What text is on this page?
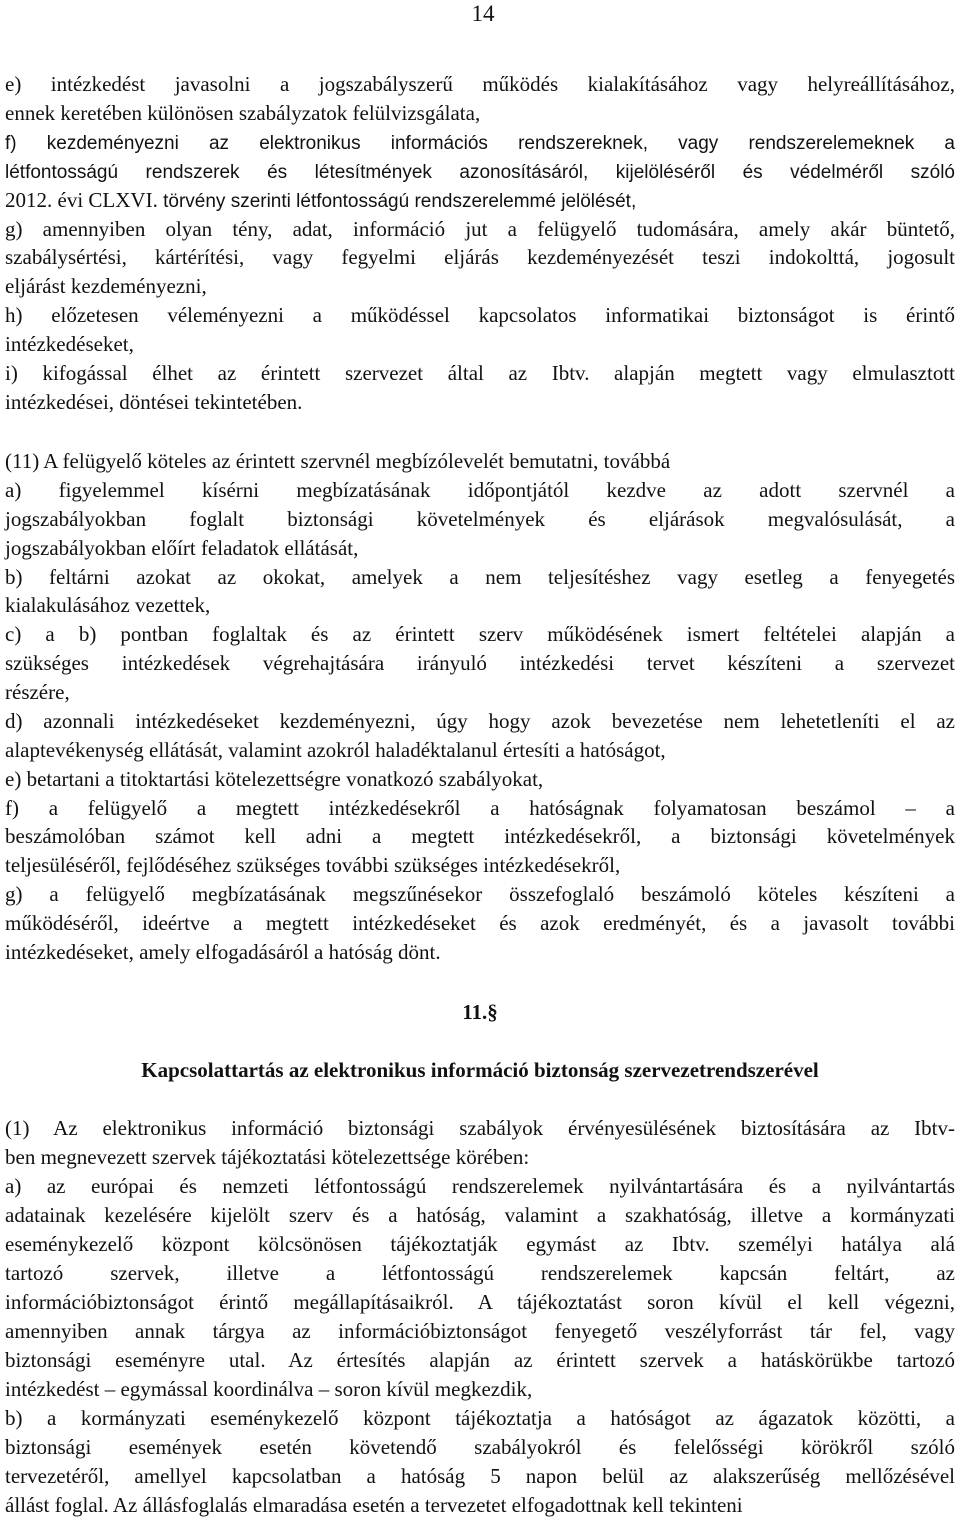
14
e) intézkedést javasolni a jogszabályszerű működés kialakításához vagy helyreállításához,
ennek keretében különösen szabályzatok felülvizsgálata,
f) kezdeményezni az elektronikus információs rendszereknek, vagy rendszerelemeknek a
létfontosságú rendszerek és létesítmények azonosításáról, kijelöléséről és védelméről szóló
2012. évi CLXVI. törvény szerinti létfontosságú rendszerelemmé jelölését,
g) amennyiben olyan tény, adat, információ jut a felügyelő tudomására, amely akár büntető,
szabálysértési, kártérítési, vagy fegyelmi eljárás kezdeményezését teszi indokolttá, jogosult
eljárást kezdeményezni,
h) előzetesen véleményezni a működéssel kapcsolatos informatikai biztonságot is érintő
intézkedéseket,
i) kifogással élhet az érintett szervezet által az Ibtv. alapján megtett vagy elmulasztott
intézkedései, döntései tekintetében.
(11) A felügyelő köteles az érintett szervnél megbízólevelét bemutatni, továbbá
a) figyelemmel kísérni megbízatásának időpontjától kezdve az adott szervnél a
jogszabályokban foglalt biztonsági követelmények és eljárások megvalósulását, a
jogszabályokban előírt feladatok ellátását,
b) feltárni azokat az okokat, amelyek a nem teljesítéshez vagy esetleg a fenyegetés
kialakulásához vezettek,
c) a b) pontban foglaltak és az érintett szerv működésének ismert feltételei alapján a
szükséges intézkedések végrehajtására irányuló intézkedési tervet készíteni a szervezet
részére,
d) azonnali intézkedéseket kezdeményezni, úgy hogy azok bevezetése nem lehetetleníti el az
alaptevékenység ellátását, valamint azokról haladéktalanul értesíti a hatóságot,
e) betartani a titoktartási kötelezettségre vonatkozó szabályokat,
f) a felügyelő a megtett intézkedésekről a hatóságnak folyamatosan beszámol – a
beszámolóban számot kell adni a megtett intézkedésekről, a biztonsági követelmények
teljesüléséről, fejlődéséhez szükséges további szükséges intézkedésekről,
g) a felügyelő megbízatásának megszűnésekor összefoglaló beszámoló köteles készíteni a
működéséről, ideértve a megtett intézkedéseket és azok eredményét, és a javasolt további
intézkedéseket, amely elfogadásáról a hatóság dönt.
11.§
Kapcsolattartás az elektronikus információ biztonság szervezetrendszerével
(1) Az elektronikus információ biztonsági szabályok érvényesülésének biztosítására az Ibtv-
ben megnevezett szervek tájékoztatási kötelezettsége körében:
a) az európai és nemzeti létfontosságú rendszerelemek nyilvántartására és a nyilvántartás
adatainak kezelésére kijelölt szerv és a hatóság, valamint a szakhatóság, illetve a kormányzati
eseménykezelő központ kölcsönösen tájékoztatják egymást az Ibtv. személyi hatálya alá
tartozó szervek, illetve a létfontosságú rendszerelemek kapcsán feltárt, az
információbiztonságot érintő megállapításaikról. A tájékoztatást soron kívül el kell végezni,
amennyiben annak tárgya az információbiztonságot fenyegető veszélyforrást tár fel, vagy
biztonsági eseményre utal. Az értesítés alapján az érintett szervek a hatáskörükbe tartozó
intézkedést – egymással koordinálva – soron kívül megkezdik,
b) a kormányzati eseménykezelő központ tájékoztatja a hatóságot az ágazatok közötti, a
biztonsági események esetén követendő szabályokról és felelősségi körökről szóló
tervezetéről, amellyel kapcsolatban a hatóság 5 napon belül az alakszerűség mellőzésével
állást foglal. Az állásfoglalás elmaradása esetén a tervezetet elfogadottnak kell tekinteni
